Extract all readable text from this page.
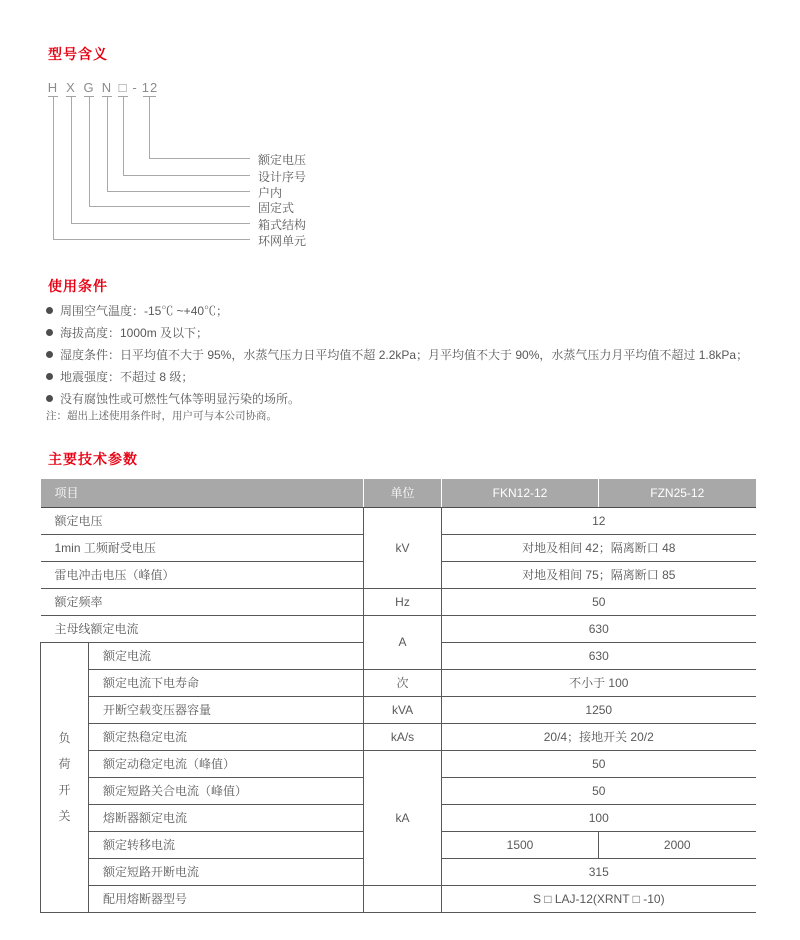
型号含义
H X G N □ - 12
额定电压
设计序号
户内
固定式
箱式结构
环网单元
使用条件
周围空气温度：-15℃ ~+40℃；
海拔高度：1000m 及以下；
湿度条件：日平均值不大于 95%，水蒸气压力日平均值不超 2.2kPa；月平均值不大于 90%，水蒸气压力月平均值不超过 1.8kPa；
地震强度：不超过 8 级；
没有腐蚀性或可燃性气体等明显污染的场所。
注：超出上述使用条件时，用户可与本公司协商。
主要技术参数
项目		单位	FKN12-12	FZN25-12
额定电压		kV	12	
1min 工频耐受电压			对地及相间 42；隔离断口 48	
雷电冲击电压（峰值）			对地及相间 75；隔离断口 85	
额定频率		Hz	50	
主母线额定电流		A	630	

负荷开关	额定电流		630	
	额定电流下电寿命	次	不小于 100	
	开断空载变压器容量	kVA	1250	
	额定热稳定电流	kA/s	20/4；接地开关 20/2	
	额定动稳定电流（峰值）	kA	50	
	额定短路关合电流（峰值）		50	
	熔断器额定电流		100	
	额定转移电流		1500	2000
	额定短路开断电流		315	
	配用熔断器型号		S □ LAJ-12(XRNT □ -10)	
